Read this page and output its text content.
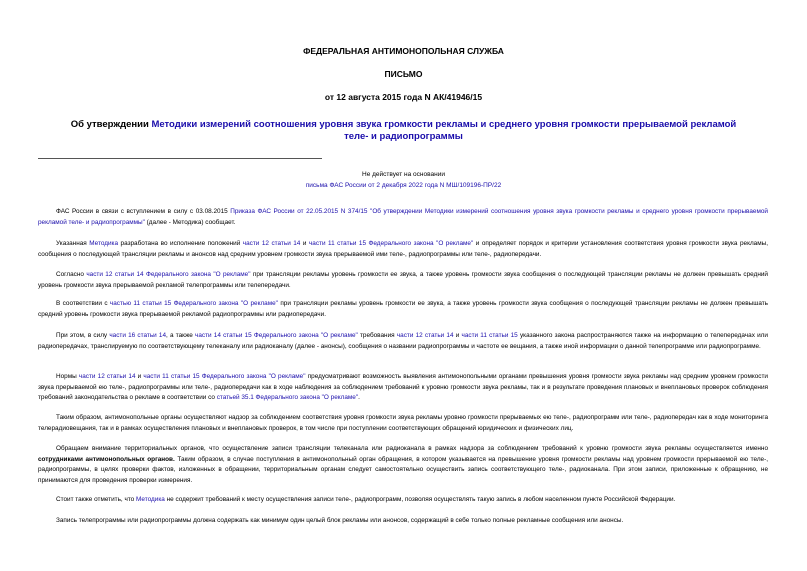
ФЕДЕРАЛЬНАЯ АНТИМОНОПОЛЬНАЯ СЛУЖБА
ПИСЬМО
от 12 августа 2015 года N АК/41946/15
Об утверждении Методики измерений соотношения уровня звука громкости рекламы и среднего уровня громкости прерываемой рекламой теле- и радиопрограммы
Не действует на основании
письма ФАС России от 2 декабря 2022 года N МШ/109196-ПР/22

ФАС России в связи с вступлением в силу с 03.08.2015 Приказа ФАС России от 22.05.2015 N 374/15 "Об утверждении Методики измерений соотношения уровня звука громкости рекламы и среднего уровня громкости прерываемой рекламой теле- и радиопрограммы" (далее - Методика) сообщает.

Указанная Методика разработана во исполнение положений части 12 статьи 14 и части 11 статьи 15 Федерального закона "О рекламе" и определяет порядок и критерии установления соответствия уровня громкости звука рекламы, сообщения о последующей трансляции рекламы и анонсов над средним уровнем громкости звука прерываемой ими теле-, радиопрограммы или теле-, радиопередачи.

Согласно части 12 статьи 14 Федерального закона "О рекламе" при трансляции рекламы уровень громкости ее звука, а также уровень громкости звука сообщения о последующей трансляции рекламы не должен превышать средний уровень громкости звука прерываемой рекламой телепрограммы или телепередачи.

В соответствии с частью 11 статьи 15 Федерального закона "О рекламе" при трансляции рекламы уровень громкости ее звука, а также уровень громкости звука сообщения о последующей трансляции рекламы не должен превышать средний уровень громкости звука прерываемой рекламой радиопрограммы или радиопередачи.

При этом, в силу части 16 статьи 14, а также части 14 статьи 15 Федерального закона "О рекламе" требования части 12 статьи 14 и части 11 статьи 15 указанного закона распространяются также на информацию о телепередачах или радиопередачах, транслируемую по соответствующему телеканалу или радиоканалу (далее - анонсы), сообщения о названии радиопрограммы и частоте ее вещания, а также иной информации о данной телепрограмме или радиопрограмме.

Нормы части 12 статьи 14 и части 11 статьи 15 Федерального закона "О рекламе" предусматривают возможность выявления антимонопольными органами превышения уровня громкости звука рекламы над средним уровнем громкости звука прерываемой ею теле-, радиопрограммы или теле-, радиопередачи как в ходе наблюдения за соблюдением требований к уровню громкости звука рекламы, так и в результате проведения плановых и внеплановых проверок соблюдения требований законодательства о рекламе в соответствии со статьей 35.1 Федерального закона "О рекламе".

Таким образом, антимонопольные органы осуществляют надзор за соблюдением соответствия уровня громкости звука рекламы уровню громкости прерываемых ею теле-, радиопрограмм или теле-, радиопередач как в ходе мониторинга телерадиовещания, так и в рамках осуществления плановых и внеплановых проверок, в том числе при поступлении соответствующих обращений юридических и физических лиц.

Обращаем внимание территориальных органов, что осуществление записи трансляции телеканала или радиоканала в рамках надзора за соблюдением требований к уровню громкости звука рекламы осуществляется именно сотрудниками антимонопольных органов. Таким образом, в случае поступления в антимонопольный орган обращения, в котором указывается на превышение уровня громкости рекламы над уровнем громкости прерываемой ею теле-, радиопрограммы, в целях проверки фактов, изложенных в обращении, территориальным органам следует самостоятельно осуществить запись соответствующего теле-, радиоканала. При этом записи, приложенные к обращению, не принимаются для проведения проверки измерения.

Стоит также отметить, что Методика не содержит требований к месту осуществления записи теле-, радиопрограмм, позволяя осуществлять такую запись в любом населенном пункте Российской Федерации.

Запись телепрограммы или радиопрограммы должна содержать как минимум один целый блок рекламы или анонсов, содержащий в себе только полные рекламные сообщения или анонсы.
